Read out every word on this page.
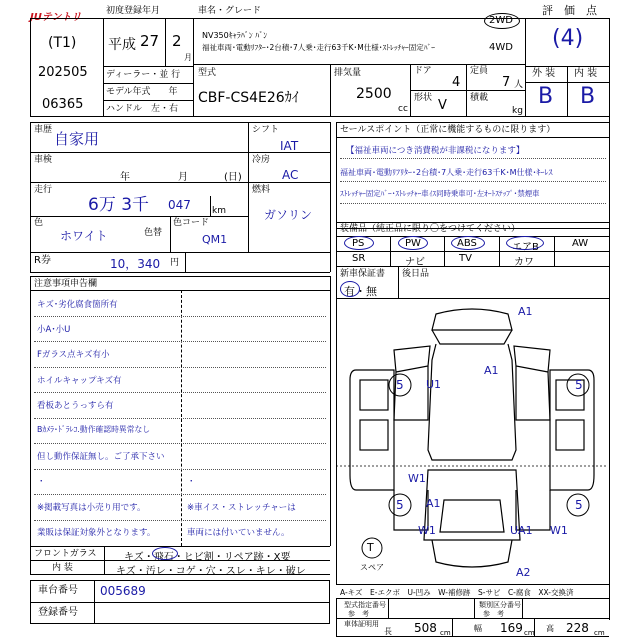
JUテントリ
(T1)
202505
06365
初度登録年月
平成 27 2
月
ディーラー・並 行
モデル年式　　年
ハンドル　左・右
車名・グレード
NV350ｷｬﾗﾊﾞﾝ ﾊﾞﾝ
福祉車両･電動ﾘﾌﾀｰ･2台積･7人乗･走行63千K･M仕様･ｽﾄﾚｯﾁｬｰ固定ﾊﾞｰ
2WD
4WD
型式
CBF-CS4E26ｶｲ
排気量
2500
cc
ドア
4
定員
7 人
形状 V	積載
kg
評　価　点
(4)
外 装 内 装
B B
車歴 自家用
車検
年	月	(日)
走行
6万 3千 047 km
色
ホワイト	色替
色コード
QM1
R券	10，340 円
シフト
IAT
冷房
AC
燃料
ガソリン
セールスポイント（正常に機能するものに限ります）
【福祉車両につき消費税が非課税になります】
福祉車両･電動ﾘﾌﾘﾀｰ･2台積･7人乗･走行63千K･M仕様･ｷｰﾚｽ
ｽﾄﾚｯﾁｬｰ固定ﾊﾞｰ･ｽﾄﾚｯﾁｬｰ車ｲｽ同時乗車可･左ｵｰﾄｽﾃｯﾌﾟ･禁煙車
装備品（純正品に限り〇をつけてください）
PS	PW	ABS	エアB	AW
SR	ナビ	TV	カワ
新車保証書 後日品
有・無
注意事項申告欄
キズ･劣化腐食箇所有
小A･小U
Fガラス点キズ有小
ホイルキャップキズ有
看板あとうっすら有
Bｶﾒﾗ･ﾄﾞﾗﾚｺ.動作確認時異常なし
但し動作保証無し。ご了承下さい
・
※掲載写真は小売り用です。
業販は保証対象外となります。
・
※車イス・ストレッチャーは
車両には付いていません。
フロントガラス	キズ・飛石・ヒビ割・リペア跡・X要
内 装	キズ・汚レ・コゲ・穴・スレ・キレ・破レ
車台番号 005689
登録番号
A1
A1
U1
5	5
W1
A1
5	5
W1	UA1 W1
A2
T
スペア
A-キズ　E-エクボ　U-凹み　W-補修跡　S-サビ　C-腐食　XX-交換済
型式指定番号
参　考
類別区分番号
参　考
車体証明用
長 508 cm	幅 169 cm 高 228 cm
